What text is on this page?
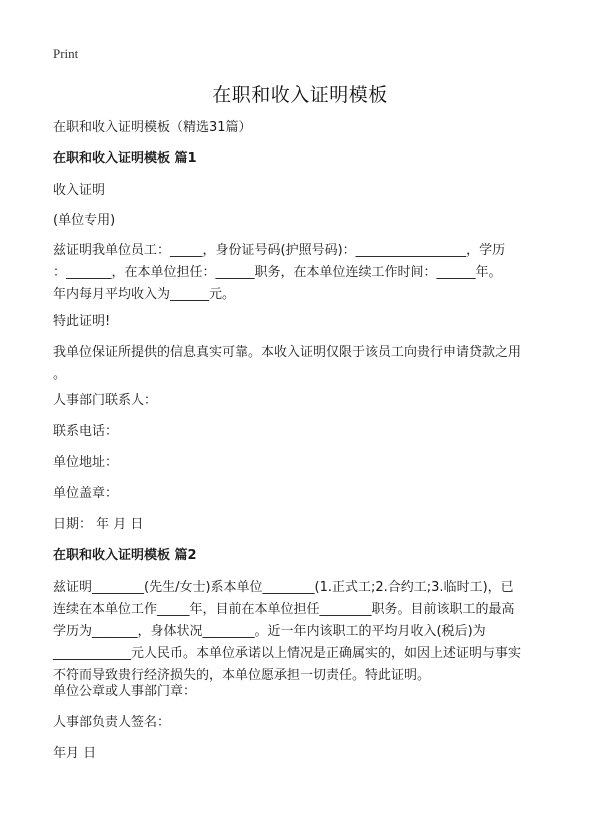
Print
在职和收入证明模板
在职和收入证明模板（精选31篇）
在职和收入证明模板 篇1
收入证明
(单位专用)
兹证明我单位员工：_____，身份证号码(护照号码)：_________________，学历
：_______，在本单位担任：______职务，在本单位连续工作时间：______年。
年内每月平均收入为______元。
特此证明!
我单位保证所提供的信息真实可靠。本收入证明仅限于该员工向贵行申请贷款之用
。
人事部门联系人：
联系电话：
单位地址：
单位盖章：
日期： 年 月 日
在职和收入证明模板 篇2
兹证明________(先生/女士)系本单位________(1.正式工;2.合约工;3.临时工)，已
连续在本单位工作_____年，目前在本单位担任________职务。目前该职工的最高
学历为_______，身体状况________。近一年内该职工的平均月收入(税后)为
____________元人民币。本单位承诺以上情况是正确属实的，如因上述证明与事实
不符而导致贵行经济损失的，本单位愿承担一切责任。特此证明。
单位公章或人事部门章：
人事部负责人签名：
年月 日
